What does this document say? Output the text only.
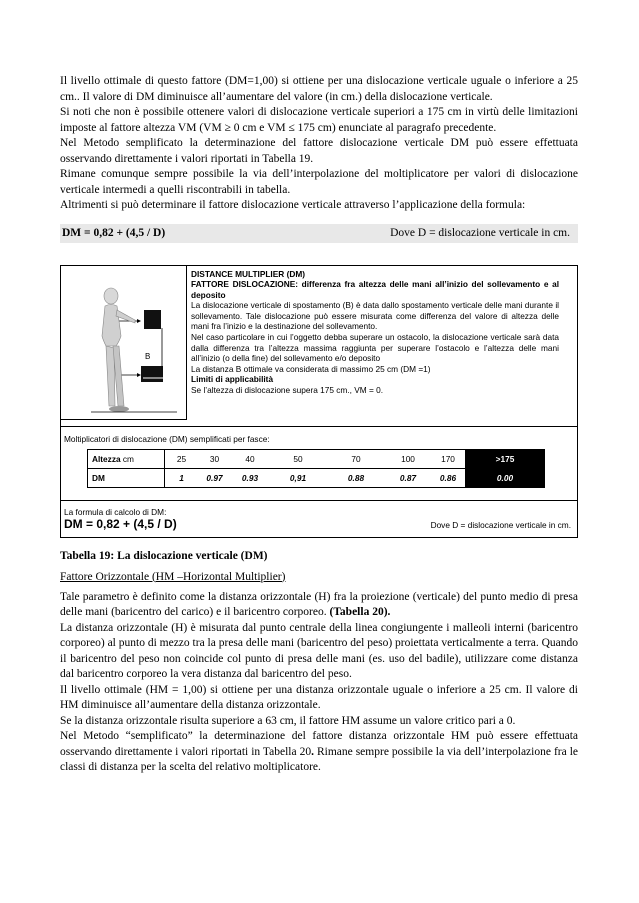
Il livello ottimale di questo fattore (DM=1,00) si ottiene per una dislocazione verticale uguale o inferiore a 25 cm.. Il valore di DM diminuisce all’aumentare del valore (in cm.) della dislocazione verticale.

Si noti che non è possibile ottenere valori di dislocazione verticale superiori a 175 cm in virtù delle limitazioni imposte al fattore altezza VM (VM ≥ 0 cm e VM ≤ 175 cm) enunciate al paragrafo precedente.

Nel Metodo semplificato la determinazione del fattore dislocazione verticale DM può essere effettuata osservando direttamente i valori riportati in Tabella 19.

Rimane comunque sempre possibile la via dell’interpolazione del moltiplicatore per valori di dislocazione verticale intermedi a quelli riscontrabili in tabella.

Altrimenti si può determinare il fattore dislocazione verticale attraverso l’applicazione della formula:

DM = 0,82 + (4,5 / D)	Dove D = dislocazione verticale in cm.
B
DISTANCE MULTIPLIER (DM)
FATTORE DISLOCAZIONE: differenza fra altezza delle mani all’inizio del sollevamento e al deposito
La dislocazione verticale di spostamento (B) è data dallo spostamento verticale delle mani durante il sollevamento. Tale dislocazione può essere misurata come differenza del valore di altezza delle mani fra l’inizio e la destinazione del sollevamento.
Nel caso particolare in cui l’oggetto debba superare un ostacolo, la dislocazione verticale sarà data dalla differenza tra l’altezza massima raggiunta per superare l’ostacolo e l’altezza delle mani all’inizio (o della fine) del sollevamento e/o deposito
La distanza B ottimale va considerata di massimo 25 cm (DM =1)
Limiti di applicabilità
Se l’altezza di dislocazione supera 175 cm., VM = 0.
Moltiplicatori di dislocazione (DM) semplificati per fasce:
Altezza cm	25	30	40	50	70	100	170	>175
DM	1	0.97	0.93	0,91	0.88	0.87	0.86	0.00
La formula di calcolo di DM:
DM = 0,82 + (4,5 / D)	Dove D = dislocazione verticale in cm.
Tabella 19: La dislocazione verticale (DM)
Fattore Orizzontale (HM –Horizontal Multiplier)

Tale parametro è definito come la distanza orizzontale (H) fra la proiezione (verticale) del punto medio di presa delle mani (baricentro del carico) e il baricentro corporeo. (Tabella 20).

La distanza orizzontale (H) è misurata dal punto centrale della linea congiungente i malleoli interni (baricentro corporeo) al punto di mezzo tra la presa delle mani (baricentro del peso) proiettata verticalmente a terra. Quando il baricentro del peso non coincide col punto di presa delle mani (es. uso del badile), utilizzare come distanza dal baricentro corporeo la vera distanza dal baricentro del peso.

Il livello ottimale (HM = 1,00) si ottiene per una distanza orizzontale uguale o inferiore a 25 cm. Il valore di HM diminuisce all’aumentare della distanza orizzontale.

Se la distanza orizzontale risulta superiore a 63 cm, il fattore HM assume un valore critico pari a 0.

Nel Metodo “semplificato” la determinazione del fattore distanza orizzontale HM può essere effettuata osservando direttamente i valori riportati in Tabella 20. Rimane sempre possibile la via dell’interpolazione fra le classi di distanza per la scelta del relativo moltiplicatore.
